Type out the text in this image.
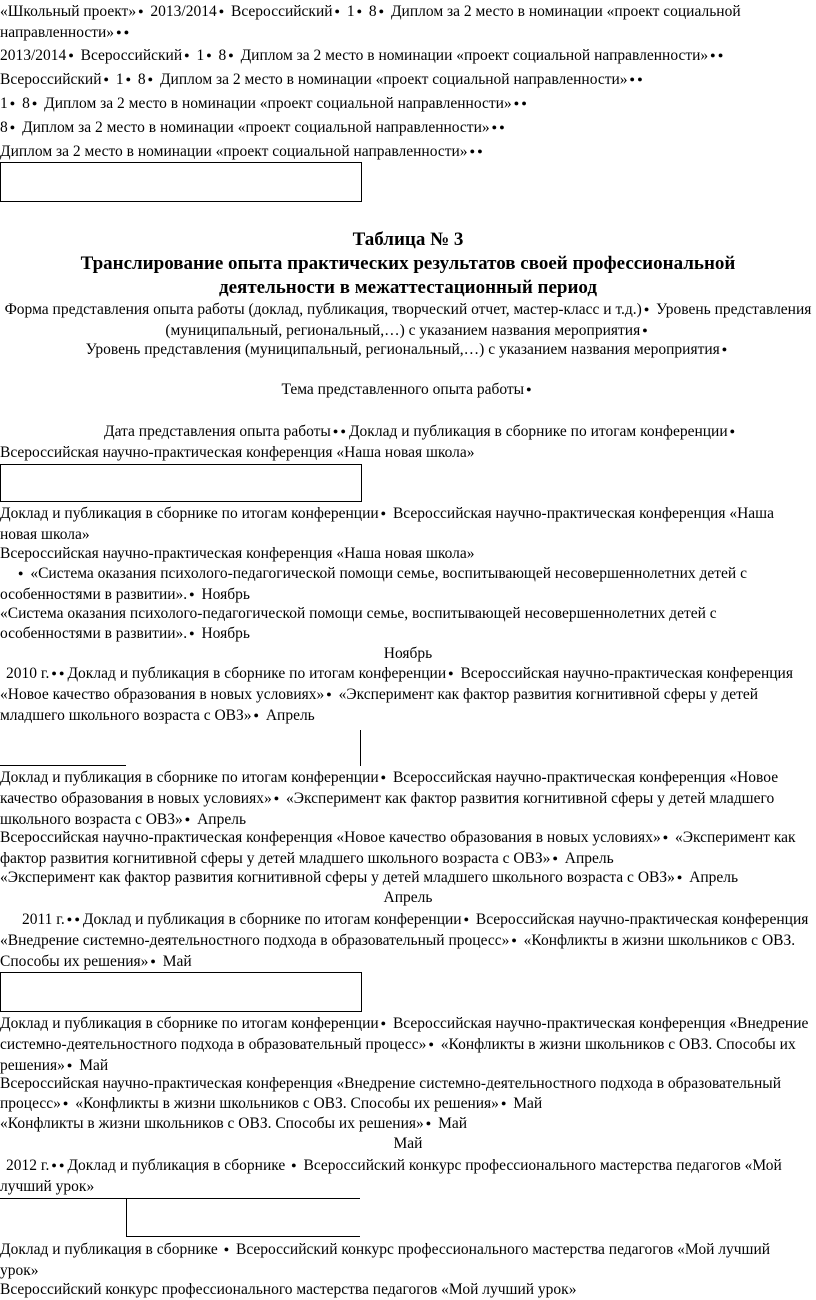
«Школьный проект» ● 2013/2014 ● Всероссийский ● 1 ● 8 ● Диплом за 2 место в номинации «проект социальной направленности»● ●

2013/2014 ● Всероссийский ● 1 ● 8 ● Диплом за 2 место в номинации «проект социальной направленности»● ●

Всероссийский ● 1 ● 8 ● Диплом за 2 место в номинации «проект социальной направленности»● ●

1 ● 8 ● Диплом за 2 место в номинации «проект социальной направленности»● ●

8 ● Диплом за 2 место в номинации «проект социальной направленности»● ●

Диплом за 2 место в номинации «проект социальной направленности»● ●

Таблица № 3

Транслирование опыта практических результатов своей профессиональной деятельности в межаттестационный период

Форма представления опыта работы (доклад, публикация, творческий отчет, мастер-класс и т.д.) ● Уровень представления (муниципальный, региональный,…) с указанием названия мероприятия●

Уровень представления (муниципальный, региональный,…) с указанием названия мероприятия●

Тема представленного опыта работы●

Дата представления опыта работы ● ● Доклад и публикация в сборнике по итогам конференции● Всероссийская научно-практическая конференция «Наша новая школа»

Доклад и публикация в сборнике по итогам конференции ● Всероссийская научно-практическая конференция «Наша новая школа»

Всероссийская научно-практическая конференция «Наша новая школа»

● «Система оказания психолого-педагогической помощи семье, воспитывающей несовершеннолетних детей с особенностями в развитии». ● Ноябрь

«Система оказания психолого-педагогической помощи семье, воспитывающей несовершеннолетних детей с особенностями в развитии». ● Ноябрь

Ноябрь

2010 г. ● ● Доклад и публикация в сборнике по итогам конференции ● Всероссийская научно-практическая конференция «Новое качество образования в новых условиях» ● «Эксперимент как фактор развития когнитивной сферы у детей младшего школьного возраста с ОВЗ» ● Апрель

Доклад и публикация в сборнике по итогам конференции ● Всероссийская научно-практическая конференция «Новое качество образования в новых условиях» ● «Эксперимент как фактор развития когнитивной сферы у детей младшего школьного возраста с ОВЗ» ● Апрель

Всероссийская научно-практическая конференция «Новое качество образования в новых условиях» ● «Эксперимент как фактор развития когнитивной сферы у детей младшего школьного возраста с ОВЗ» ● Апрель

«Эксперимент как фактор развития когнитивной сферы у детей младшего школьного возраста с ОВЗ» ● Апрель

Апрель

2011 г. ● ● Доклад и публикация в сборнике по итогам конференции ● Всероссийская научно-практическая конференция «Внедрение системно-деятельностного подхода в образовательный процесс» ● «Конфликты в жизни школьников с ОВЗ. Способы их решения» ● Май

Доклад и публикация в сборнике по итогам конференции ● Всероссийская научно-практическая конференция «Внедрение системно-деятельностного подхода в образовательный процесс» ● «Конфликты в жизни школьников с ОВЗ. Способы их решения» ● Май

Всероссийская научно-практическая конференция «Внедрение системно-деятельностного подхода в образовательный процесс» ● «Конфликты в жизни школьников с ОВЗ. Способы их решения» ● Май

«Конфликты в жизни школьников с ОВЗ. Способы их решения» ● Май

Май

2012 г. ● ● Доклад и публикация в сборнике ● Всероссийский конкурс профессионального мастерства педагогов «Мой лучший урок»

Доклад и публикация в сборнике ● Всероссийский конкурс профессионального мастерства педагогов «Мой лучший урок»

Всероссийский конкурс профессионального мастерства педагогов «Мой лучший урок»
